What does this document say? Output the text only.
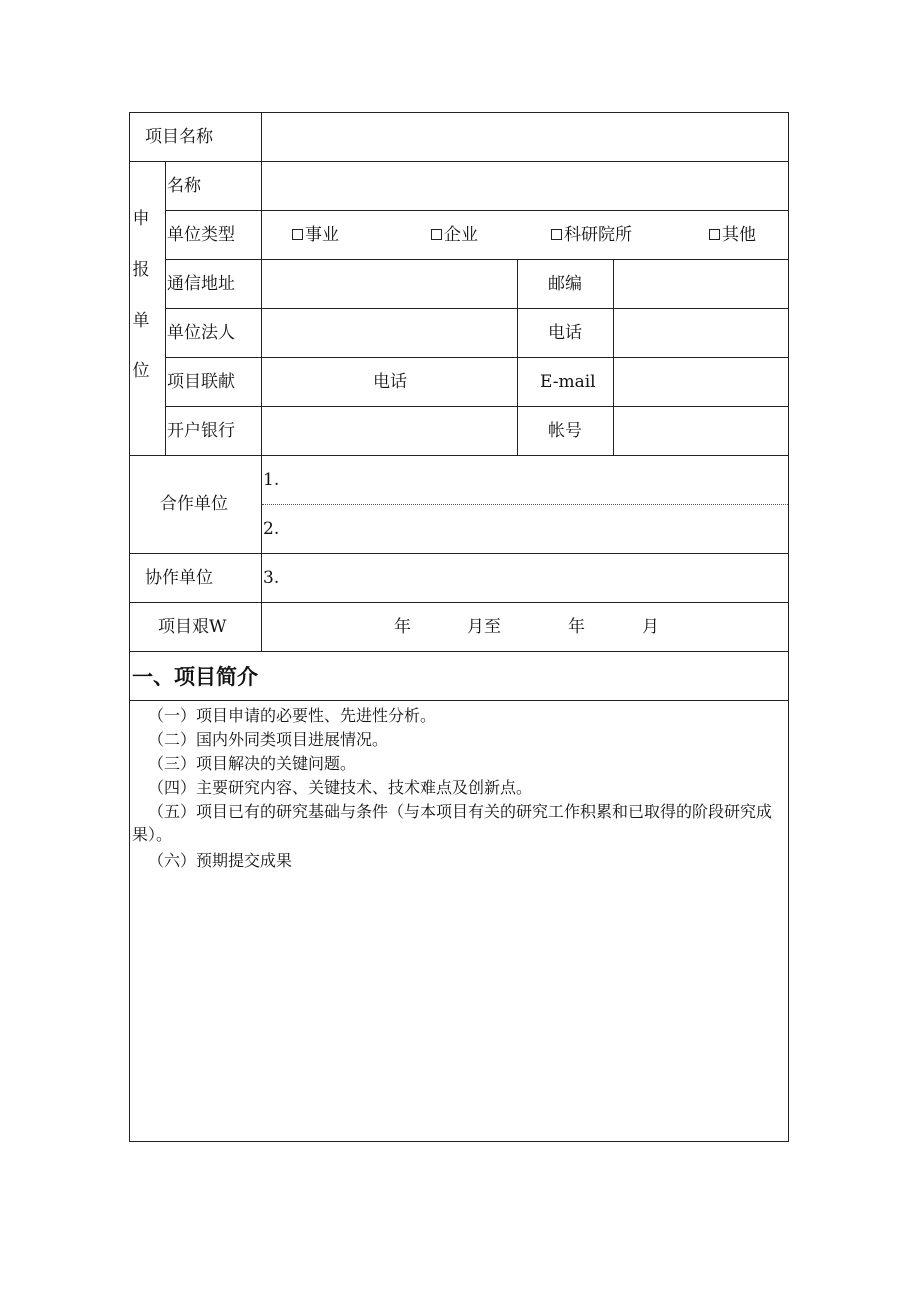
项目名称
申
报
单
位
名称
单位类型	事业	企业	科研院所	其他
通信地址	邮编
单位法人	电话
项目联献	电话	E-mail
开户银行	帐号
合作单位
1.
2.
协作单位	3.
项目艰W	年	月至	年	月
一、项目简介
（一）项目申请的必要性、先进性分析。
（二）国内外同类项目进展情况。
（三）项目解决的关键问题。
（四）主要研究内容、关键技术、技术难点及创新点。
（五）项目已有的研究基础与条件（与本项目有关的研究工作积累和已取得的阶段研究成果）。
（六）预期提交成果
